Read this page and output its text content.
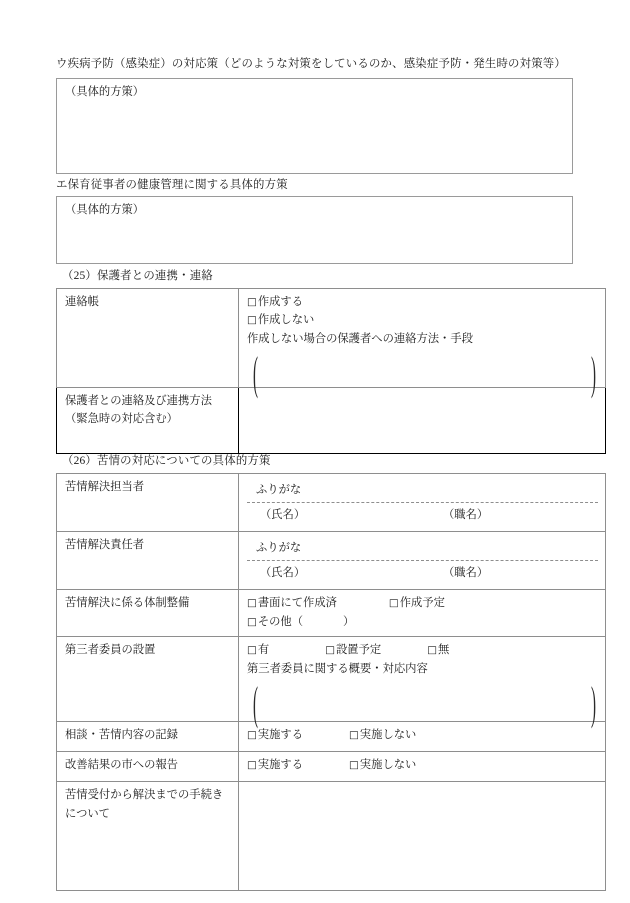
ウ疾病予防（感染症）の対応策（どのような対策をしているのか、感染症予防・発生時の対策等）
（具体的方策）
エ保育従事者の健康管理に関する具体的方策
（具体的方策）
（25）保護者との連携・連絡
連絡帳	□作成する
□作成しない
作成しない場合の保護者への連絡方法・手段
( )

保護者との連絡及び連携方法（緊急時の対応含む）	
（26）苦情の対応についての具体的方策
苦情解決担当者	ふりがな
（氏名） （職名）

苦情解決責任者	ふりがな
（氏名） （職名）

苦情解決に係る体制整備	□書面にて作成済 □作成予定
□その他（ ）

第三者委員の設置	□有 □設置予定 □無
第三者委員に関する概要・対応内容
( )

相談・苦情内容の記録	□実施する □実施しない

改善結果の市への報告	□実施する □実施しない

苦情受付から解決までの手続きについて	
